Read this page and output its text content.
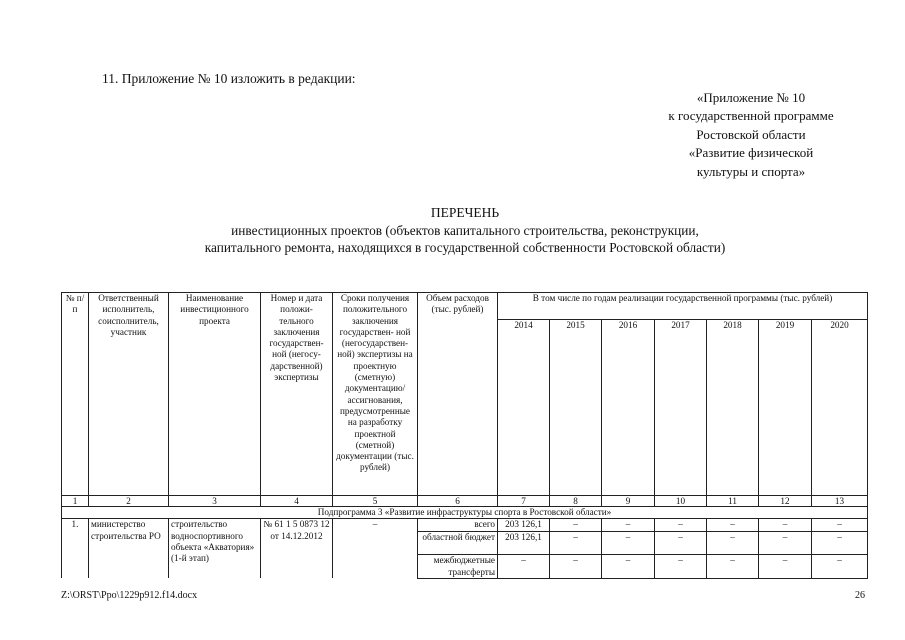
11. Приложение № 10 изложить в редакции:
«Приложение № 10
к государственной программе
Ростовской области
«Развитие физической
культуры и спорта»
ПЕРЕЧЕНЬ
инвестиционных проектов (объектов капитального строительства, реконструкции,
капитального ремонта, находящихся в государственной собственности Ростовской области)
№ п/п	Ответственный исполнитель, соисполнитель, участник	Наименование инвестиционного проекта	Номер и дата положи- тельного заключения государствен- ной (негосу- дарственной) экспертизы	Сроки получения положительного заключения государствен- ной (негосударствен- ной) экспертизы на проектную (сметную) документацию/ ассигнования, предусмотренные на разработку проектной (сметной) документации (тыс. рублей)	Объем расходов (тыс. рублей)	В том числе по годам реализации государственной программы (тыс. рублей)						
						2014	2015	2016	2017	2018	2019	2020
1	2	3	4	5	6	7	8	9	10	11	12	13
Подпрограмма 3 «Развитие инфраструктуры спорта в Ростовской области»												
1.	министерство строительства РО	строительство водноспортивного объекта «Акватория» (1-й этап)	№ 61 1 5 0873 12 от 14.12.2012	–	всего	203 126,1	–	–	–	–	–	–
					областной бюджет	203 126,1	–	–	–	–	–	–
					межбюджетные трансферты	–	–	–	–	–	–	–
Z:\ORST\Ppo\1229p912.f14.docx	26
